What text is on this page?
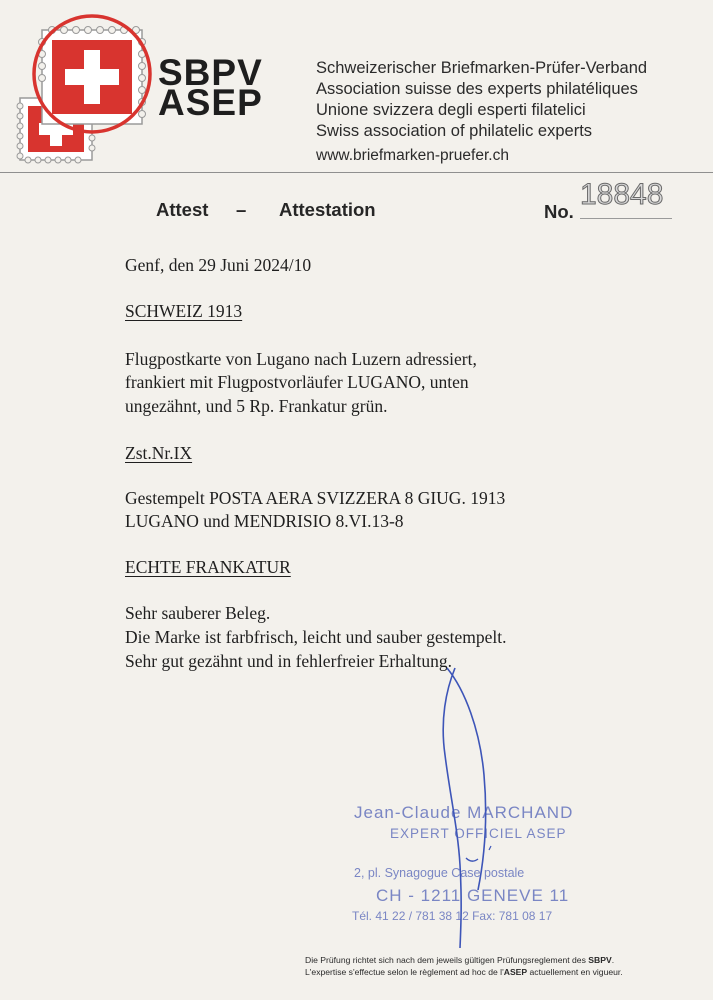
SBPV
ASEP
Schweizerischer Briefmarken-Prüfer-Verband
Association suisse des experts philatéliques
Unione svizzera degli esperti filatelici
Swiss association of philatelic experts
www.briefmarken-pruefer.ch
Attest – Attestation	No.
18848
Genf, den 29 Juni 2024/10
SCHWEIZ 1913
Flugpostkarte von Lugano nach Luzern adressiert,
frankiert mit Flugpostvorläufer LUGANO, unten
ungezähnt, und 5 Rp. Frankatur grün.
Zst.Nr.IX
Gestempelt POSTA AERA SVIZZERA 8 GIUG. 1913
LUGANO und MENDRISIO 8.VI.13-8
ECHTE FRANKATUR
Sehr sauberer Beleg.
Die Marke ist farbfrisch, leicht und sauber gestempelt.
Sehr gut gezähnt und in fehlerfreier Erhaltung.
Jean-Claude MARCHAND
EXPERT OFFICIEL ASEP
2, pl. Synagogue Case postale
CH - 1211 GENEVE 11
Tél. 41 22 / 781 38 12 Fax: 781 08 17
Die Prüfung richtet sich nach dem jeweils gültigen Prüfungsreglement des SBPV.
L'expertise s'effectue selon le règlement ad hoc de l'ASEP actuellement en vigueur.
